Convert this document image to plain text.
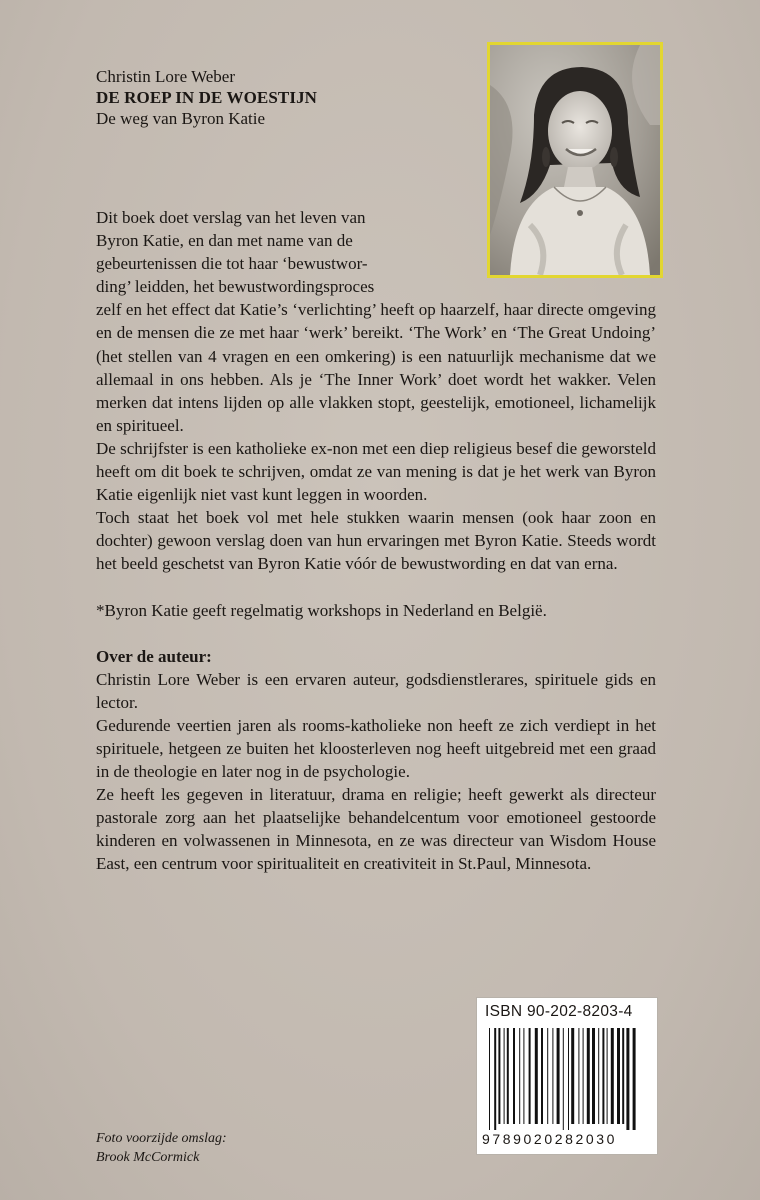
Christin Lore Weber
DE ROEP IN DE WOESTIJN
De weg van Byron Katie

Dit boek doet verslag van het leven van

Byron Katie, en dan met name van de

gebeurtenissen die tot haar ‘bewustwor-

ding’ leidden, het bewustwordingsproces

zelf en het effect dat Katie’s ‘verlichting’ heeft op haarzelf, haar directe omgeving en de mensen die ze met haar ‘werk’ bereikt. ‘The Work’ en ‘The Great Undoing’ (het stellen van 4 vragen en een omkering) is een natuurlijk mechanisme dat we allemaal in ons hebben. Als je ‘The Inner Work’ doet wordt het wakker. Velen merken dat intens lijden op alle vlakken stopt, geestelijk, emotioneel, lichamelijk en spiritueel.

De schrijfster is een katholieke ex-non met een diep religieus besef die geworsteld heeft om dit boek te schrijven, omdat ze van mening is dat je het werk van Byron Katie eigenlijk niet vast kunt leggen in woorden.

Toch staat het boek vol met hele stukken waarin mensen (ook haar zoon en dochter) gewoon verslag doen van hun ervaringen met Byron Katie. Steeds wordt het beeld geschetst van Byron Katie vóór de bewustwording en dat van erna.

*Byron Katie geeft regelmatig workshops in Nederland en België.

Over de auteur:

Christin Lore Weber is een ervaren auteur, godsdienstlerares, spirituele gids en lector.

Gedurende veertien jaren als rooms-katholieke non heeft ze zich verdiept in het spirituele, hetgeen ze buiten het kloosterleven nog heeft uitgebreid met een graad in de theologie en later nog in de psychologie.

Ze heeft les gegeven in literatuur, drama en religie; heeft gewerkt als directeur pastorale zorg aan het plaatselijke behandelcentum voor emotioneel gestoorde kinderen en volwassenen in Minnesota, en ze was directeur van Wisdom House East, een centrum voor spiritualiteit en creativiteit in St.Paul, Minnesota.

ISBN 90-202-8203-4
9789020282030
Foto voorzijde omslag:
Brook McCormick
